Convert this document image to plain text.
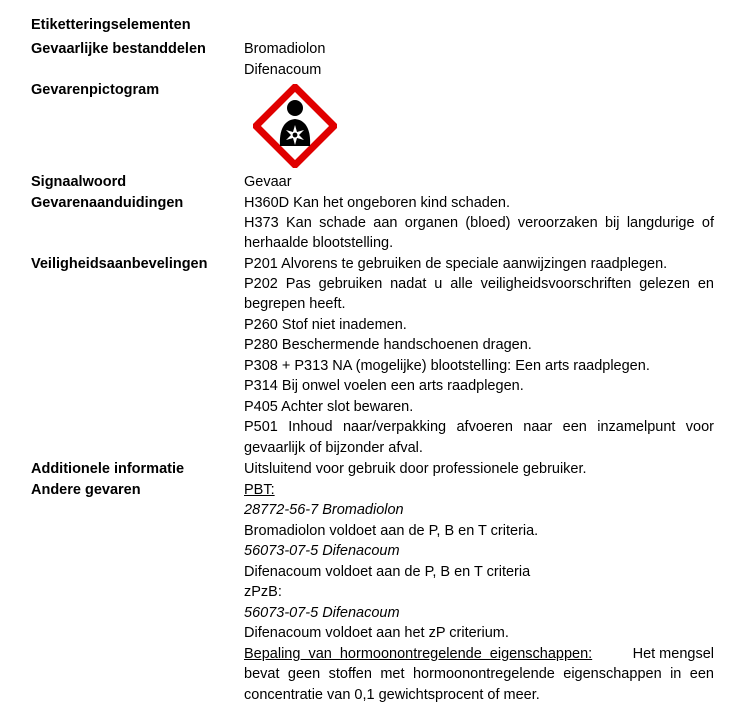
Etiketteringselementen
Gevaarlijke bestanddelen	Bromadiolon
Difenacoum
Gevarenpictogram
Signaalwoord	Gevaar
Gevarenaanduidingen	H360D Kan het ongeboren kind schaden.
H373 Kan schade aan organen (bloed) veroorzaken bij langdurige of
herhaalde blootstelling.
Veiligheidsaanbevelingen	P201 Alvorens te gebruiken de speciale aanwijzingen raadplegen.
P202 Pas gebruiken nadat u alle veiligheidsvoorschriften gelezen en
begrepen heeft.
P260 Stof niet inademen.
P280 Beschermende handschoenen dragen.
P308 + P313 NA (mogelijke) blootstelling: Een arts raadplegen.
P314 Bij onwel voelen een arts raadplegen.
P405 Achter slot bewaren.
P501 Inhoud naar/verpakking afvoeren naar een inzamelpunt voor
gevaarlijk of bijzonder afval.
Additionele informatie	Uitsluitend voor gebruik door professionele gebruiker.
Andere gevaren	PBT:
28772-56-7 Bromadiolon
Bromadiolon voldoet aan de P, B en T criteria.
56073-07-5 Difenacoum
Difenacoum voldoet aan de P, B en T criteria
zPzB:
56073-07-5 Difenacoum
Difenacoum voldoet aan het zP criterium.
Bepaling van hormoonontregelende eigenschappen:	Het mengsel
bevat geen stoffen met hormoonontregelende eigenschappen in een
concentratie van 0,1 gewichtsprocent of meer.
